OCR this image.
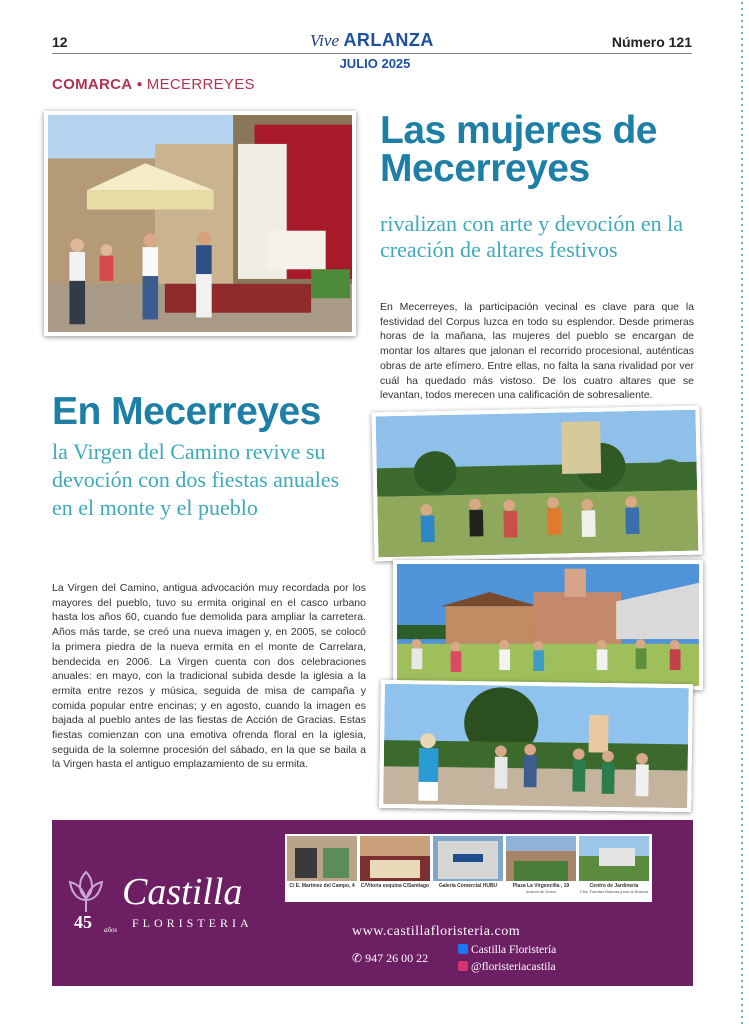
12	Vive ARLANZA	Número 121
JULIO 2025
COMARCA ● MECERREYES
Las mujeres de Mecerreyes
rivalizan con arte y devoción en la creación de altares festivos
En Mecerreyes, la participación vecinal es clave para que la festividad del Corpus luzca en todo su esplendor. Desde primeras horas de la mañana, las mujeres del pueblo se encargan de montar los altares que jalonan el recorrido procesional, auténticas obras de arte efímero. Entre ellas, no falta la sana rivalidad por ver cuál ha quedado más vistoso. De los cuatro altares que se levantan, todos merecen una calificación de sobresaliente.
En Mecerreyes
la Virgen del Camino revive su devoción con dos fiestas anuales en el monte y el pueblo
La Virgen del Camino, antigua advocación muy recordada por los mayores del pueblo, tuvo su ermita original en el casco urbano hasta los años 60, cuando fue demolida para ampliar la carretera. Años más tarde, se creó una nueva imagen y, en 2005, se colocó la primera piedra de la nueva ermita en el monte de Carrelara, bendecida en 2006. La Virgen cuenta con dos celebraciones anuales: en mayo, con la tradicional subida desde la iglesia a la ermita entre rezos y música, seguida de misa de campaña y comida popular entre encinas; y en agosto, cuando la imagen es bajada al pueblo antes de las fiestas de Acción de Gracias. Estas fiestas comienzan con una emotiva ofrenda floral en la iglesia, seguida de la solemne procesión del sábado, en la que se baila a la Virgen hasta el antiguo emplazamiento de su ermita.
Castilla
FLORISTERIA
45 años
C/ E. Martínez del Campo, 4	C/Vitoria esquina C/Santiago	Galería Comercial HUBU	Plaza La Virgencilla , 19
Aranda de Duero
Centro de Jardinería
Ctra. Fuentes Blancas junto al Bulevar
www.castillafloristeria.com
✆ 947 26 00 22
Castilla Floristería
@floristeriacastila
